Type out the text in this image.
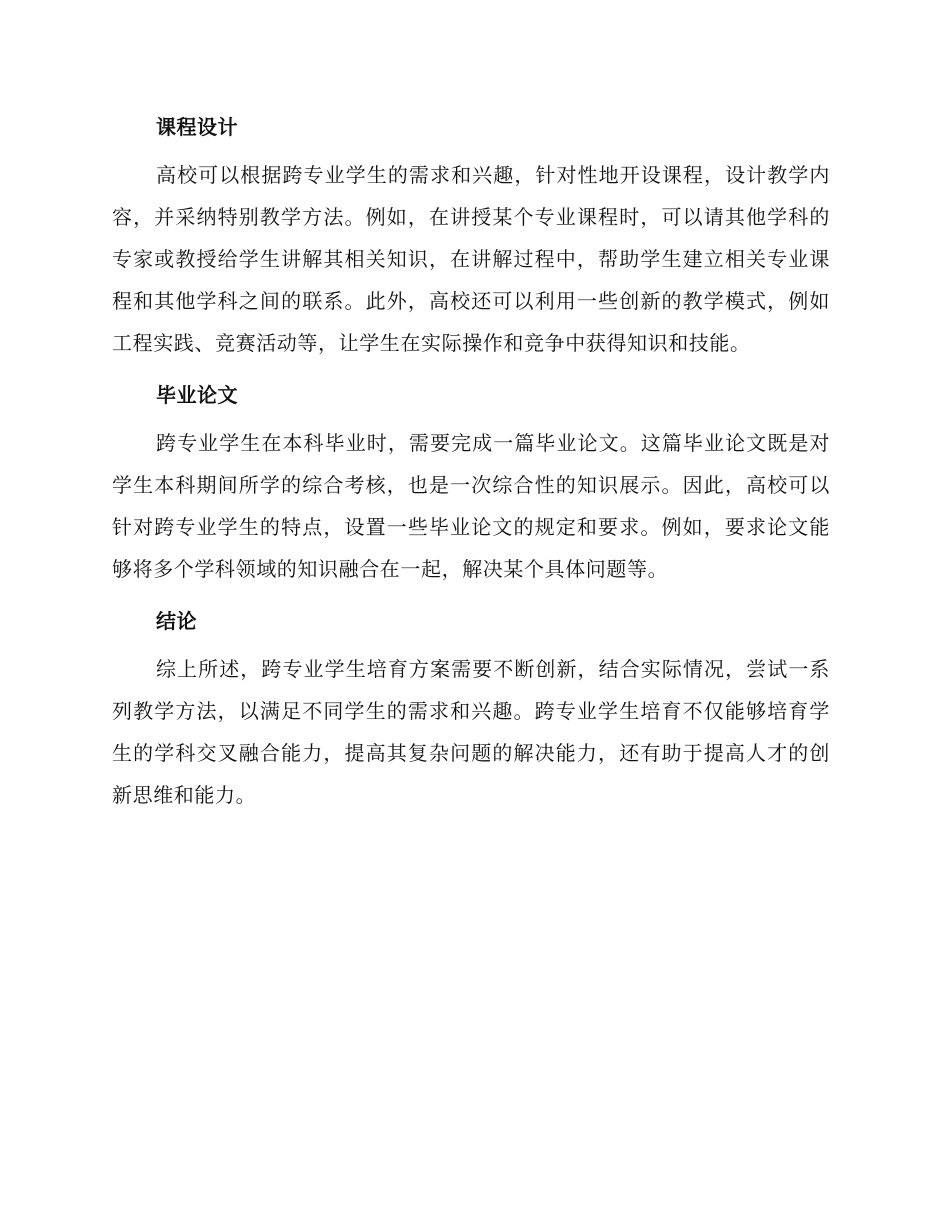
课程设计

高校可以根据跨专业学生的需求和兴趣，针对性地开设课程，设计教学内容，并采纳特别教学方法。例如，在讲授某个专业课程时，可以请其他学科的专家或教授给学生讲解其相关知识，在讲解过程中，帮助学生建立相关专业课程和其他学科之间的联系。此外，高校还可以利用一些创新的教学模式，例如工程实践、竞赛活动等，让学生在实际操作和竞争中获得知识和技能。

毕业论文

跨专业学生在本科毕业时，需要完成一篇毕业论文。这篇毕业论文既是对学生本科期间所学的综合考核，也是一次综合性的知识展示。因此，高校可以针对跨专业学生的特点，设置一些毕业论文的规定和要求。例如，要求论文能够将多个学科领域的知识融合在一起，解决某个具体问题等。

结论

综上所述，跨专业学生培育方案需要不断创新，结合实际情况，尝试一系列教学方法，以满足不同学生的需求和兴趣。跨专业学生培育不仅能够培育学生的学科交叉融合能力，提高其复杂问题的解决能力，还有助于提高人才的创新思维和能力。
